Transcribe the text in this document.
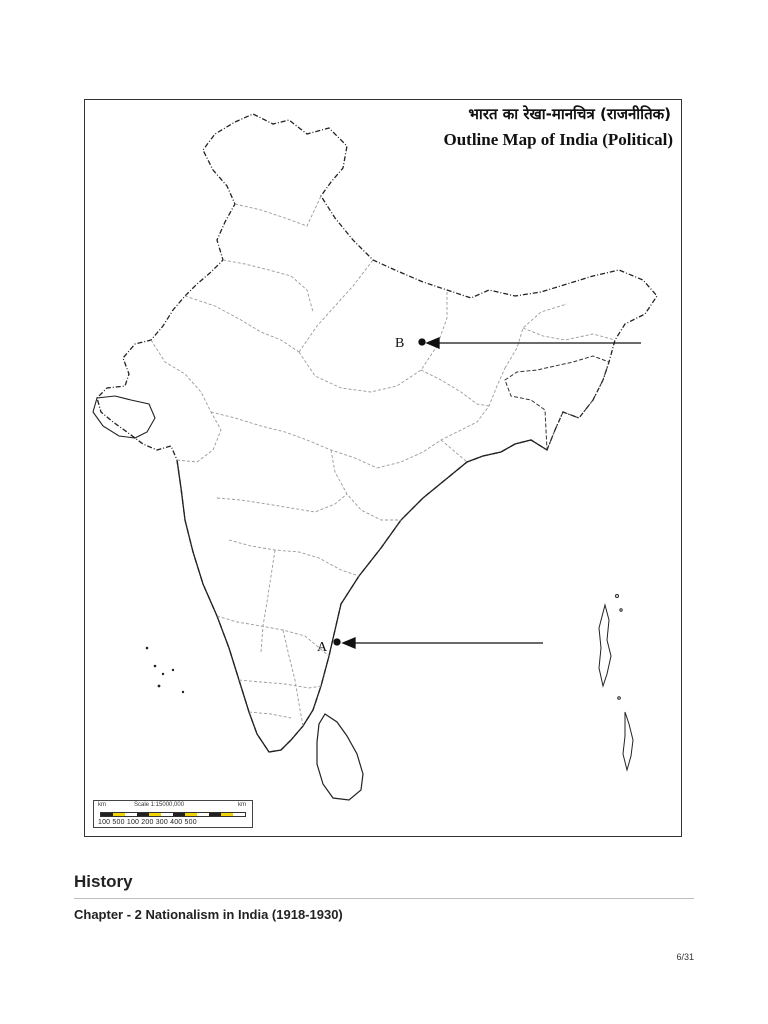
भारत का रेखा-मानचित्र (राजनीतिक)
Outline Map of India (Political)
B
A
km	Scale 1:15000,000	km
100 500 100 200 300 400 500
History
Chapter - 2 Nationalism in India (1918-1930)
6/31
